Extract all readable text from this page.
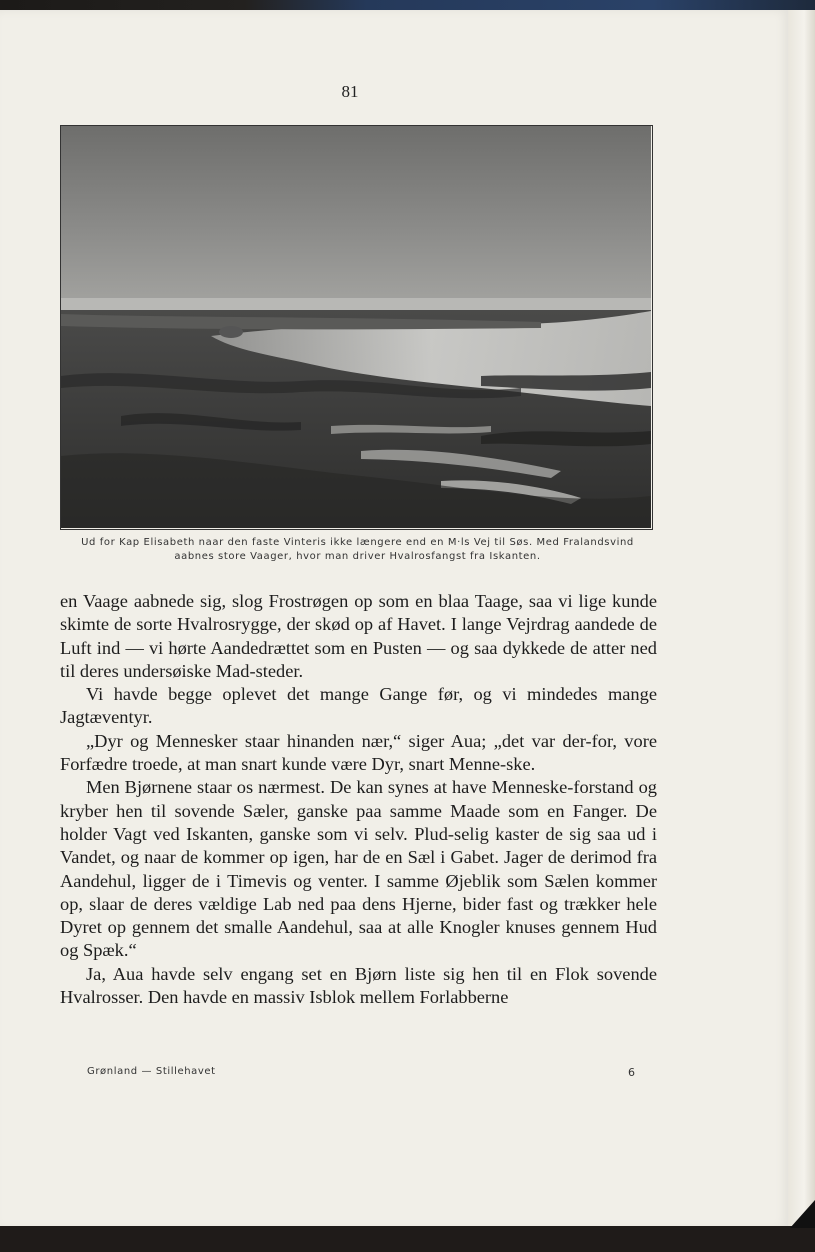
81
Ud for Kap Elisabeth naar den faste Vinteris ikke længere end en M·ls Vej til Søs. Med Fralandsvind
aabnes store Vaager, hvor man driver Hvalrosfangst fra Iskanten.

en Vaage aabnede sig, slog Frostrøgen op som en blaa Taage, saa vi lige kunde skimte de sorte Hvalrosrygge, der skød op af Havet. I lange Vejrdrag aandede de Luft ind — vi hørte Aandedrættet som en Pusten — og saa dykkede de atter ned til deres undersøiske Mad-steder.

Vi havde begge oplevet det mange Gange før, og vi mindedes mange Jagtæventyr.

„Dyr og Mennesker staar hinanden nær,“ siger Aua; „det var der-for, vore Forfædre troede, at man snart kunde være Dyr, snart Menne-ske.

Men Bjørnene staar os nærmest. De kan synes at have Menneske-forstand og kryber hen til sovende Sæler, ganske paa samme Maade som en Fanger. De holder Vagt ved Iskanten, ganske som vi selv. Plud-selig kaster de sig saa ud i Vandet, og naar de kommer op igen, har de en Sæl i Gabet. Jager de derimod fra Aandehul, ligger de i Timevis og venter. I samme Øjeblik som Sælen kommer op, slaar de deres vældige Lab ned paa dens Hjerne, bider fast og trækker hele Dyret op gennem det smalle Aandehul, saa at alle Knogler knuses gennem Hud og Spæk.“

Ja, Aua havde selv engang set en Bjørn liste sig hen til en Flok sovende Hvalrosser. Den havde en massiv Isblok mellem Forlabberne

Grønland — Stillehavet	6
